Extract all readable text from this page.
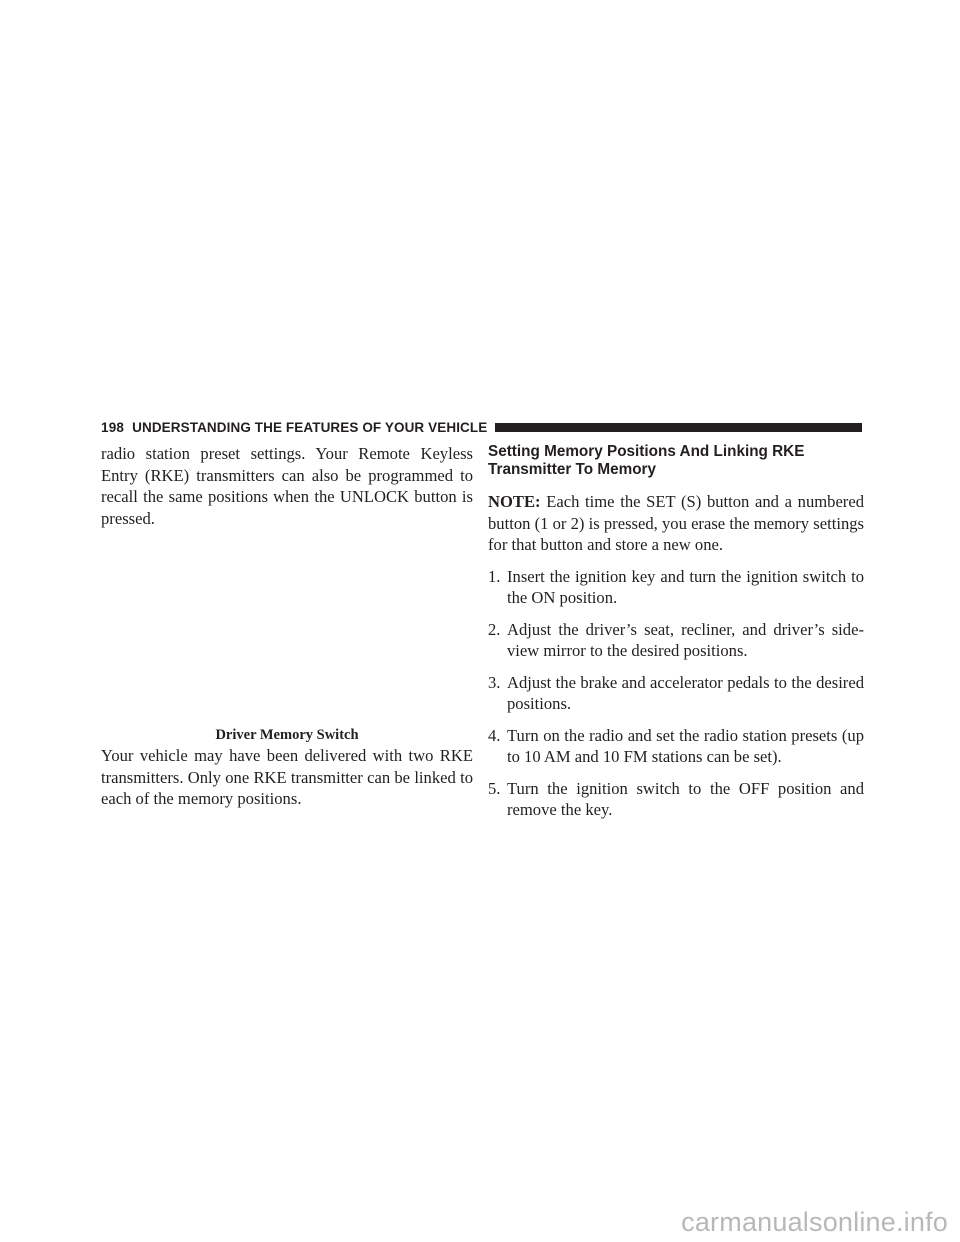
198 UNDERSTANDING THE FEATURES OF YOUR VEHICLE

radio station preset settings. Your Remote Keyless Entry (RKE) transmitters can also be programmed to recall the same positions when the UNLOCK button is pressed.

Driver Memory Switch

Your vehicle may have been delivered with two RKE transmitters. Only one RKE transmitter can be linked to each of the memory positions.

Setting Memory Positions And Linking RKE Transmitter To Memory

NOTE: Each time the SET (S) button and a numbered button (1 or 2) is pressed, you erase the memory settings for that button and store a new one.

1. Insert the ignition key and turn the ignition switch to the ON position.
2. Adjust the driver’s seat, recliner, and driver’s side-view mirror to the desired positions.
3. Adjust the brake and accelerator pedals to the desired positions.
4. Turn on the radio and set the radio station presets (up to 10 AM and 10 FM stations can be set).
5. Turn the ignition switch to the OFF position and remove the key.
carmanualsonline.info
